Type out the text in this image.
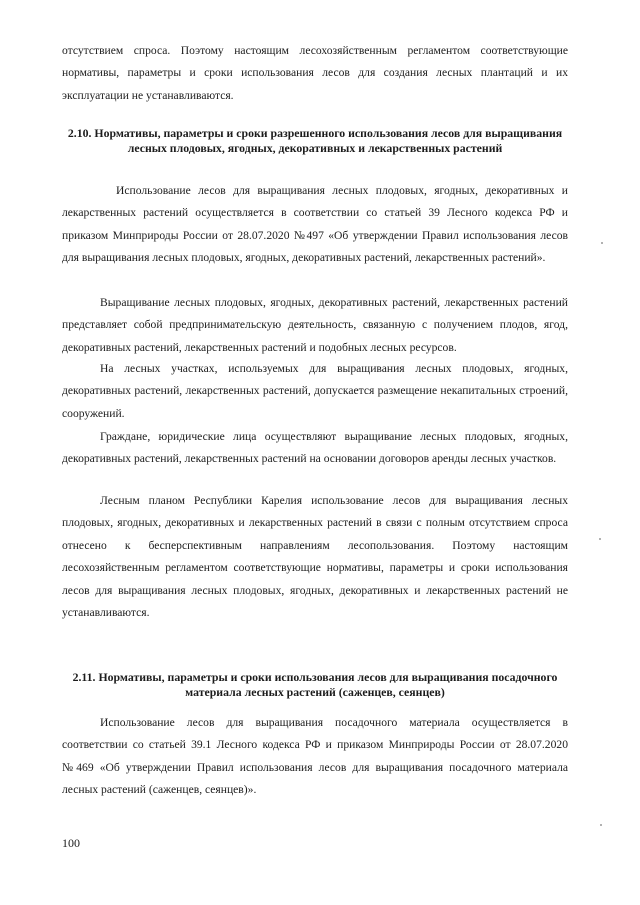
отсутствием спроса. Поэтому настоящим лесохозяйственным регламентом соответствующие нормативы, параметры и сроки использования лесов для создания лесных плантаций и их эксплуатации не устанавливаются.

2.10. Нормативы, параметры и сроки разрешенного использования лесов для выращивания лесных плодовых, ягодных, декоративных и лекарственных растений

Использование лесов для выращивания лесных плодовых, ягодных, декоративных и лекарственных растений осуществляется в соответствии со статьей 39 Лесного кодекса РФ и приказом Минприроды России от 28.07.2020 №497 «Об утверждении Правил использования лесов для выращивания лесных плодовых, ягодных, декоративных растений, лекарственных растений».

Выращивание лесных плодовых, ягодных, декоративных растений, лекарственных растений представляет собой предпринимательскую деятельность, связанную с получением плодов, ягод, декоративных растений, лекарственных растений и подобных лесных ресурсов.

На лесных участках, используемых для выращивания лесных плодовых, ягодных, декоративных растений, лекарственных растений, допускается размещение некапитальных строений, сооружений.

Граждане, юридические лица осуществляют выращивание лесных плодовых, ягодных, декоративных растений, лекарственных растений на основании договоров аренды лесных участков.

Лесным планом Республики Карелия использование лесов для выращивания лесных плодовых, ягодных, декоративных и лекарственных растений в связи с полным отсутствием спроса отнесено к бесперспективным направлениям лесопользования. Поэтому настоящим лесохозяйственным регламентом соответствующие нормативы, параметры и сроки использования лесов для выращивания лесных плодовых, ягодных, декоративных и лекарственных растений не устанавливаются.

2.11. Нормативы, параметры и сроки использования лесов для выращивания посадочного материала лесных растений (саженцев, сеянцев)

Использование лесов для выращивания посадочного материала осуществляется в соответствии со статьей 39.1 Лесного кодекса РФ и приказом Минприроды России от 28.07.2020 №469 «Об утверждении Правил использования лесов для выращивания посадочного материала лесных растений (саженцев, сеянцев)».

100
